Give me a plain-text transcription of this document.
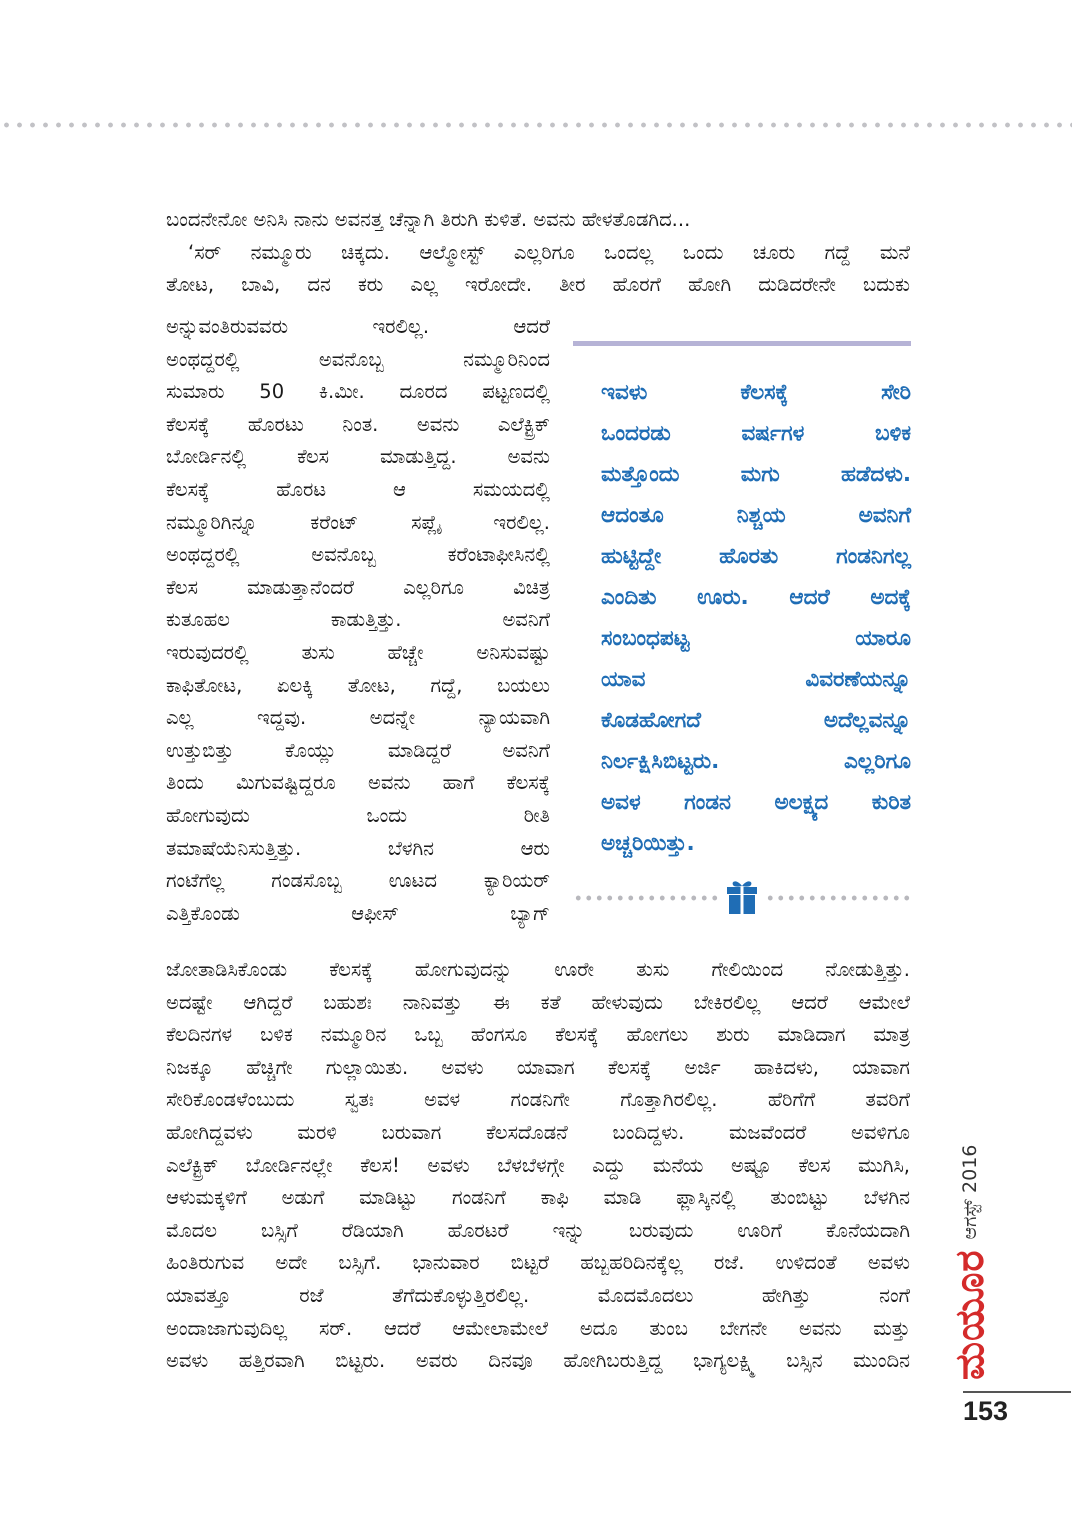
ಬಂದನೇನೋ ಅನಿಸಿ ನಾನು ಅವನತ್ತ ಚೆನ್ನಾಗಿ ತಿರುಗಿ ಕುಳಿತೆ. ಅವನು ಹೇಳತೊಡಗಿದ...
‘ಸರ್ ನಮ್ಮೂರು ಚಿಕ್ಕದು. ಆಲ್ಮೋಸ್ಟ್ ಎಲ್ಲರಿಗೂ ಒಂದಲ್ಲ ಒಂದು ಚೂರು ಗದ್ದೆ ಮನೆ
ತೋಟ, ಬಾವಿ, ದನ ಕರು ಎಲ್ಲ ಇರೋದೇ. ತೀರ ಹೊರಗೆ ಹೋಗಿ ದುಡಿದರೇನೇ ಬದುಕು
ಅನ್ನುವಂತಿರುವವರು ಇರಲಿಲ್ಲ. ಆದರೆ
ಅಂಥದ್ದರಲ್ಲಿ ಅವನೊಬ್ಬ ನಮ್ಮೂರಿನಿಂದ
ಸುಮಾರು 50 ಕಿ.ಮೀ. ದೂರದ ಪಟ್ಟಣದಲ್ಲಿ
ಕೆಲಸಕ್ಕೆ ಹೊರಟು ನಿಂತ. ಅವನು ಎಲೆಕ್ಟ್ರಿಕ್
ಬೋರ್ಡಿನಲ್ಲಿ ಕೆಲಸ ಮಾಡುತ್ತಿದ್ದ. ಅವನು
ಕೆಲಸಕ್ಕೆ ಹೊರಟ ಆ ಸಮಯದಲ್ಲಿ
ನಮ್ಮೂರಿಗಿನ್ನೂ ಕರೆಂಟ್ ಸಪ್ಲೈ ಇರಲಿಲ್ಲ.
ಅಂಥದ್ದರಲ್ಲಿ ಅವನೊಬ್ಬ ಕರೆಂಟಾಫೀಸಿನಲ್ಲಿ
ಕೆಲಸ ಮಾಡುತ್ತಾನೆಂದರೆ ಎಲ್ಲರಿಗೂ ವಿಚಿತ್ರ
ಕುತೂಹಲ ಕಾಡುತ್ತಿತ್ತು. ಅವನಿಗೆ
ಇರುವುದರಲ್ಲಿ ತುಸು ಹೆಚ್ಚೇ ಅನಿಸುವಷ್ಟು
ಕಾಫಿತೋಟ, ಏಲಕ್ಕಿ ತೋಟ, ಗದ್ದೆ, ಬಯಲು
ಎಲ್ಲ ಇದ್ದವು. ಅದನ್ನೇ ನ್ಯಾಯವಾಗಿ
ಉತ್ತುಬಿತ್ತು ಕೊಯ್ಲು ಮಾಡಿದ್ದರೆ ಅವನಿಗೆ
ತಿಂದು ಮಿಗುವಷ್ಟಿದ್ದರೂ ಅವನು ಹಾಗೆ ಕೆಲಸಕ್ಕೆ
ಹೋಗುವುದು ಒಂದು ರೀತಿ
ತಮಾಷೆಯೆನಿಸುತ್ತಿತ್ತು. ಬೆಳಗಿನ ಆರು
ಗಂಟೆಗೆಲ್ಲ ಗಂಡಸೊಬ್ಬ ಊಟದ ಕ್ಯಾರಿಯರ್
ಎತ್ತಿಕೊಂಡು ಆಫೀಸ್ ಬ್ಯಾಗ್
ಇವಳು ಕೆಲಸಕ್ಕೆ ಸೇರಿ
ಒಂದರಡು ವರ್ಷಗಳ ಬಳಿಕ
ಮತ್ತೊಂದು ಮಗು ಹಡೆದಳು.
ಆದಂತೂ ನಿಶ್ಚಯ ಅವನಿಗೆ
ಹುಟ್ಟಿದ್ದೇ ಹೊರತು ಗಂಡನಿಗಲ್ಲ
ಎಂದಿತು ಊರು. ಆದರೆ ಅದಕ್ಕೆ
ಸಂಬಂಧಪಟ್ಟ ಯಾರೂ
ಯಾವ ವಿವರಣೆಯನ್ನೂ
ಕೊಡಹೋಗದೆ ಅದೆಲ್ಲವನ್ನೂ
ನಿರ್ಲಕ್ಷಿಸಿಬಿಟ್ಟರು. ಎಲ್ಲರಿಗೂ
ಅವಳ ಗಂಡನ ಅಲಕ್ಷ್ಯದ ಕುರಿತ
ಅಚ್ಚರಿಯಿತ್ತು.
ಜೋತಾಡಿಸಿಕೊಂಡು ಕೆಲಸಕ್ಕೆ ಹೋಗುವುದನ್ನು ಊರೇ ತುಸು ಗೇಲಿಯಿಂದ ನೋಡುತ್ತಿತ್ತು.
ಅದಷ್ಟೇ ಆಗಿದ್ದರೆ ಬಹುಶಃ ನಾನಿವತ್ತು ಈ ಕತೆ ಹೇಳುವುದು ಬೇಕಿರಲಿಲ್ಲ ಆದರೆ ಆಮೇಲೆ
ಕೆಲದಿನಗಳ ಬಳಿಕ ನಮ್ಮೂರಿನ ಒಬ್ಬ ಹೆಂಗಸೂ ಕೆಲಸಕ್ಕೆ ಹೋಗಲು ಶುರು ಮಾಡಿದಾಗ ಮಾತ್ರ
ನಿಜಕ್ಕೂ ಹೆಚ್ಚಿಗೇ ಗುಲ್ಲಾಯಿತು. ಅವಳು ಯಾವಾಗ ಕೆಲಸಕ್ಕೆ ಅರ್ಜಿ ಹಾಕಿದಳು, ಯಾವಾಗ
ಸೇರಿಕೊಂಡಳೆಂಬುದು ಸ್ವತಃ ಅವಳ ಗಂಡನಿಗೇ ಗೊತ್ತಾಗಿರಲಿಲ್ಲ. ಹೆರಿಗೆಗೆ ತವರಿಗೆ
ಹೋಗಿದ್ದವಳು ಮರಳಿ ಬರುವಾಗ ಕೆಲಸದೊಡನೆ ಬಂದಿದ್ದಳು. ಮಜವೆಂದರೆ ಅವಳಿಗೂ
ಎಲೆಕ್ಟ್ರಿಕ್ ಬೋರ್ಡಿನಲ್ಲೇ ಕೆಲಸ! ಅವಳು ಬೆಳಬೆಳಗ್ಗೇ ಎದ್ದು ಮನೆಯ ಅಷ್ಟೂ ಕೆಲಸ ಮುಗಿಸಿ,
ಆಳುಮಕ್ಕಳಿಗೆ ಅಡುಗೆ ಮಾಡಿಟ್ಟು ಗಂಡನಿಗೆ ಕಾಫಿ ಮಾಡಿ ಫ್ಲಾಸ್ಕಿನಲ್ಲಿ ತುಂಬಿಟ್ಟು ಬೆಳಗಿನ
ಮೊದಲ ಬಸ್ಸಿಗೆ ರೆಡಿಯಾಗಿ ಹೊರಟರೆ ಇನ್ನು ಬರುವುದು ಊರಿಗೆ ಕೊನೆಯದಾಗಿ
ಹಿಂತಿರುಗುವ ಅದೇ ಬಸ್ಸಿಗೆ. ಭಾನುವಾರ ಬಿಟ್ಟರೆ ಹಬ್ಬಹರಿದಿನಕ್ಕೆಲ್ಲ ರಜೆ. ಉಳಿದಂತೆ ಅವಳು
ಯಾವತ್ತೂ ರಜೆ ತೆಗೆದುಕೊಳ್ಳುತ್ತಿರಲಿಲ್ಲ. ಮೊದಮೊದಲು ಹೇಗಿತ್ತು ನಂಗೆ
ಅಂದಾಜಾಗುವುದಿಲ್ಲ ಸರ್. ಆದರೆ ಆಮೇಲಾಮೇಲೆ ಅದೂ ತುಂಬ ಬೇಗನೇ ಅವನು ಮತ್ತು
ಅವಳು ಹತ್ತಿರವಾಗಿ ಬಿಟ್ಟರು. ಅವರು ದಿನವೂ ಹೋಗಿಬರುತ್ತಿದ್ದ ಭಾಗ್ಯಲಕ್ಷ್ಮಿ ಬಸ್ಸಿನ ಮುಂದಿನ ಮಯೂರ
ಆಗಸ್ಟ್ 2016
153
